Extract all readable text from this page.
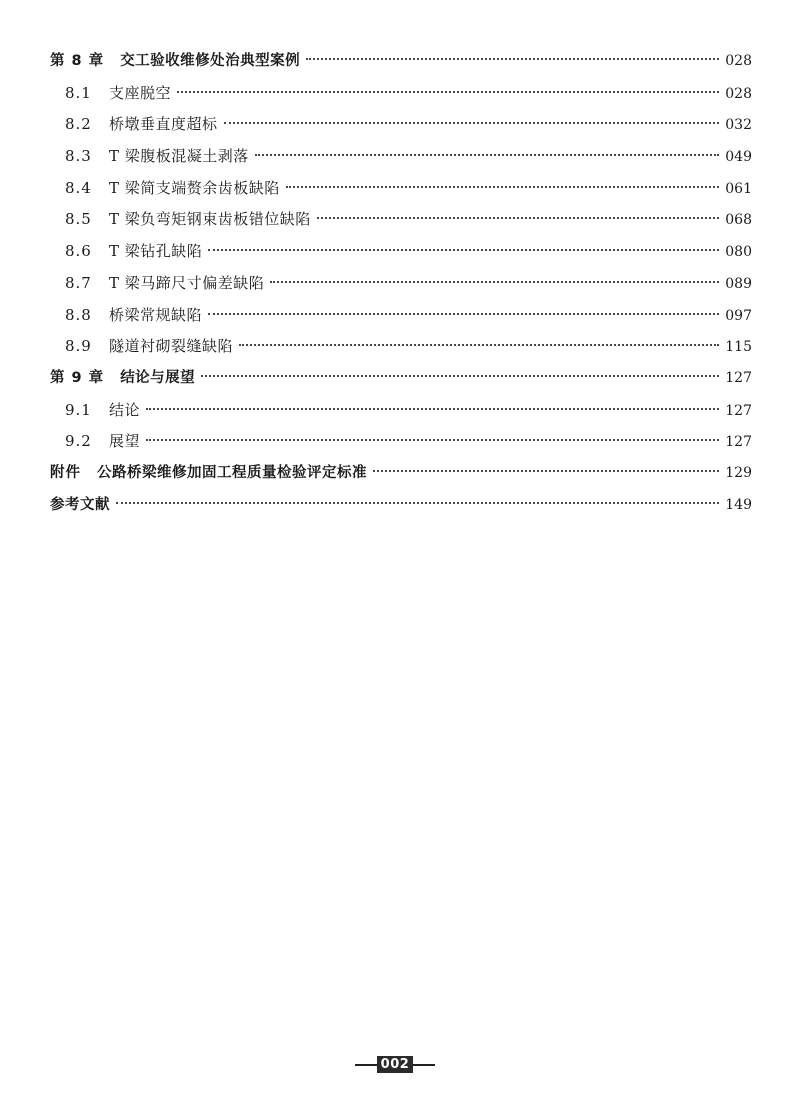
第 8 章 交工验收维修处治典型案例	028
8.1	支座脱空	028
8.2	桥墩垂直度超标	032
8.3	T 梁腹板混凝土剥落	049
8.4	T 梁简支端赘余齿板缺陷	061
8.5	T 梁负弯矩钢束齿板错位缺陷	068
8.6	T 梁钻孔缺陷	080
8.7	T 梁马蹄尺寸偏差缺陷	089
8.8	桥梁常规缺陷	097
8.9	隧道衬砌裂缝缺陷	115
第 9 章 结论与展望	127
9.1	结论	127
9.2	展望	127
附件 公路桥梁维修加固工程质量检验评定标准	129
参考文献	149
002
